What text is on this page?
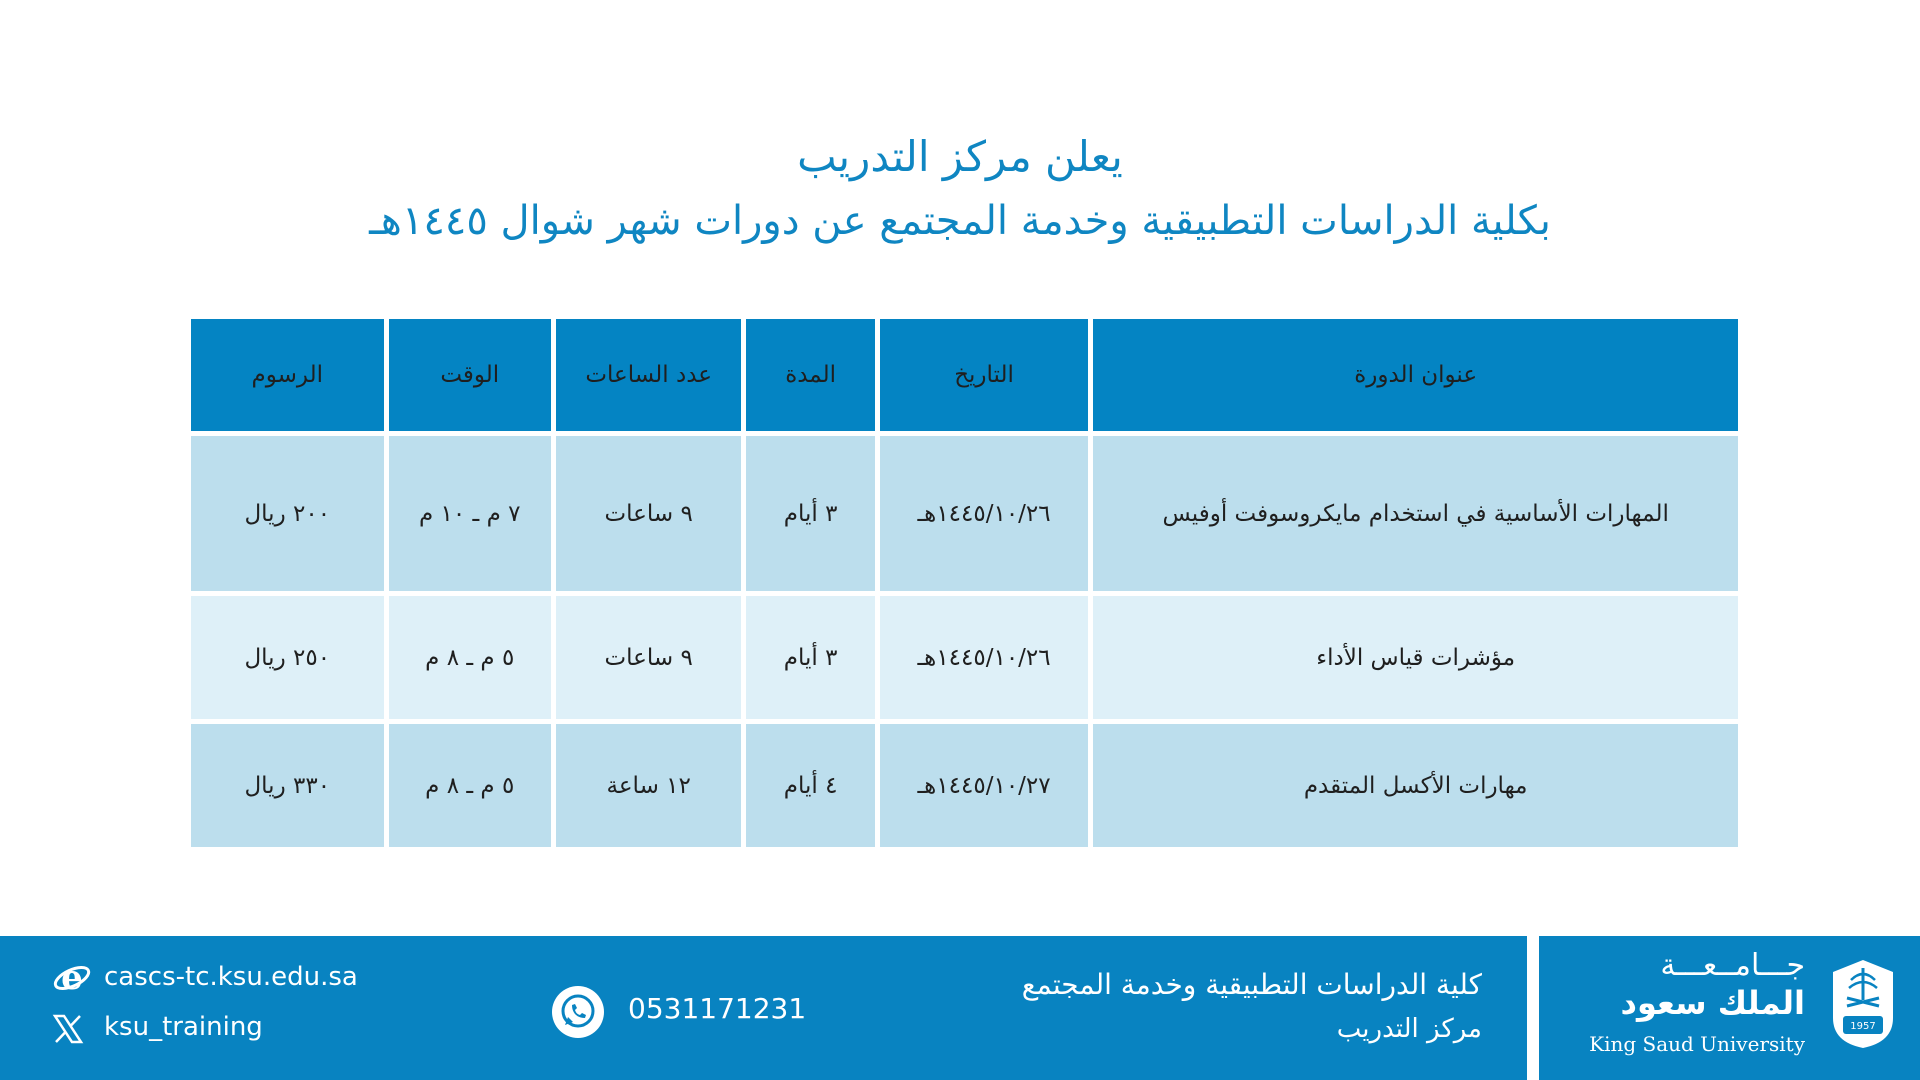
يعلن مركز التدريب
بكلية الدراسات التطبيقية وخدمة المجتمع عن دورات شهر شوال ١٤٤٥هـ
عنوان الدورة	التاريخ	المدة	عدد الساعات	الوقت	الرسوم
المهارات الأساسية في استخدام مايكروسوفت أوفيس	١٤٤٥/١٠/٢٦هـ	٣ أيام	٩ ساعات	٧ م ـ ١٠ م	٢٠٠ ريال
مؤشرات قياس الأداء	١٤٤٥/١٠/٢٦هـ	٣ أيام	٩ ساعات	٥ م ـ ٨ م	٢٥٠ ريال
مهارات الأكسل المتقدم	١٤٤٥/١٠/٢٧هـ	٤ أيام	١٢ ساعة	٥ م ـ ٨ م	٣٣٠ ريال
e cascs-tc.ksu.edu.sa
ksu_training
0531171231
كلية الدراسات التطبيقية وخدمة المجتمع
مركز التدريب
جـــامــعـــة
الملك سعود
King Saud University
1957
